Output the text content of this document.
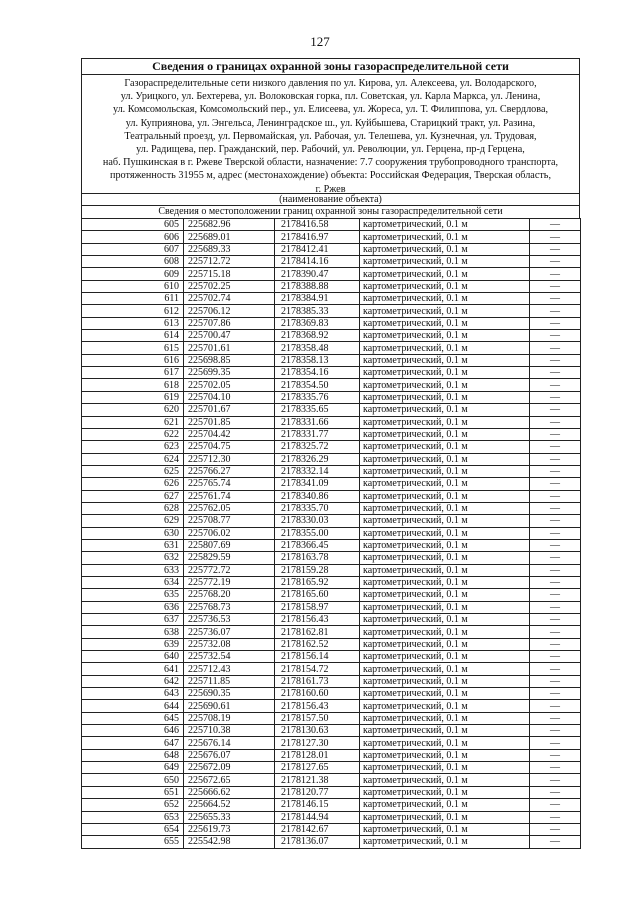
127
Сведения о границах охранной зоны газораспределительной сети
Газораспределительные сети низкого давления по ул. Кирова, ул. Алексеева, ул. Володарского,
ул. Урицкого, ул. Бехтерева, ул. Волоковская горка, пл. Советская, ул. Карла Маркса, ул. Ленина,
ул. Комсомольская, Комсомольский пер., ул. Елисеева, ул. Жореса, ул. Т. Филиппова, ул. Свердлова,
ул. Куприянова, ул. Энгельса, Ленинградское ш., ул. Куйбышева, Старицкий тракт, ул. Разина,
Театральный проезд, ул. Первомайская, ул. Рабочая, ул. Телешева, ул. Кузнечная, ул. Трудовая,
ул. Радищева, пер. Гражданский, пер. Рабочий, ул. Революции, ул. Герцена, пр-д Герцена,
наб. Пушкинская в г. Ржеве Тверской области, назначение: 7.7 сооружения трубопроводного транспорта,
протяженность 31955 м, адрес (местонахождение) объекта: Российская Федерация, Тверская область,
г. Ржев
(наименование объекта)
Сведения о местоположении границ охранной зоны газораспределительной сети
605	225682.96	2178416.58	картометрический, 0.1 м	—
606	225689.01	2178416.97	картометрический, 0.1 м	—
607	225689.33	2178412.41	картометрический, 0.1 м	—
608	225712.72	2178414.16	картометрический, 0.1 м	—
609	225715.18	2178390.47	картометрический, 0.1 м	—
610	225702.25	2178388.88	картометрический, 0.1 м	—
611	225702.74	2178384.91	картометрический, 0.1 м	—
612	225706.12	2178385.33	картометрический, 0.1 м	—
613	225707.86	2178369.83	картометрический, 0.1 м	—
614	225700.47	2178368.92	картометрический, 0.1 м	—
615	225701.61	2178358.48	картометрический, 0.1 м	—
616	225698.85	2178358.13	картометрический, 0.1 м	—
617	225699.35	2178354.16	картометрический, 0.1 м	—
618	225702.05	2178354.50	картометрический, 0.1 м	—
619	225704.10	2178335.76	картометрический, 0.1 м	—
620	225701.67	2178335.65	картометрический, 0.1 м	—
621	225701.85	2178331.66	картометрический, 0.1 м	—
622	225704.42	2178331.77	картометрический, 0.1 м	—
623	225704.75	2178325.72	картометрический, 0.1 м	—
624	225712.30	2178326.29	картометрический, 0.1 м	—
625	225766.27	2178332.14	картометрический, 0.1 м	—
626	225765.74	2178341.09	картометрический, 0.1 м	—
627	225761.74	2178340.86	картометрический, 0.1 м	—
628	225762.05	2178335.70	картометрический, 0.1 м	—
629	225708.77	2178330.03	картометрический, 0.1 м	—
630	225706.02	2178355.00	картометрический, 0.1 м	—
631	225807.69	2178366.45	картометрический, 0.1 м	—
632	225829.59	2178163.78	картометрический, 0.1 м	—
633	225772.72	2178159.28	картометрический, 0.1 м	—
634	225772.19	2178165.92	картометрический, 0.1 м	—
635	225768.20	2178165.60	картометрический, 0.1 м	—
636	225768.73	2178158.97	картометрический, 0.1 м	—
637	225736.53	2178156.43	картометрический, 0.1 м	—
638	225736.07	2178162.81	картометрический, 0.1 м	—
639	225732.08	2178162.52	картометрический, 0.1 м	—
640	225732.54	2178156.14	картометрический, 0.1 м	—
641	225712.43	2178154.72	картометрический, 0.1 м	—
642	225711.85	2178161.73	картометрический, 0.1 м	—
643	225690.35	2178160.60	картометрический, 0.1 м	—
644	225690.61	2178156.43	картометрический, 0.1 м	—
645	225708.19	2178157.50	картометрический, 0.1 м	—
646	225710.38	2178130.63	картометрический, 0.1 м	—
647	225676.14	2178127.30	картометрический, 0.1 м	—
648	225676.07	2178128.01	картометрический, 0.1 м	—
649	225672.09	2178127.65	картометрический, 0.1 м	—
650	225672.65	2178121.38	картометрический, 0.1 м	—
651	225666.62	2178120.77	картометрический, 0.1 м	—
652	225664.52	2178146.15	картометрический, 0.1 м	—
653	225655.33	2178144.94	картометрический, 0.1 м	—
654	225619.73	2178142.67	картометрический, 0.1 м	—
655	225542.98	2178136.07	картометрический, 0.1 м	—
